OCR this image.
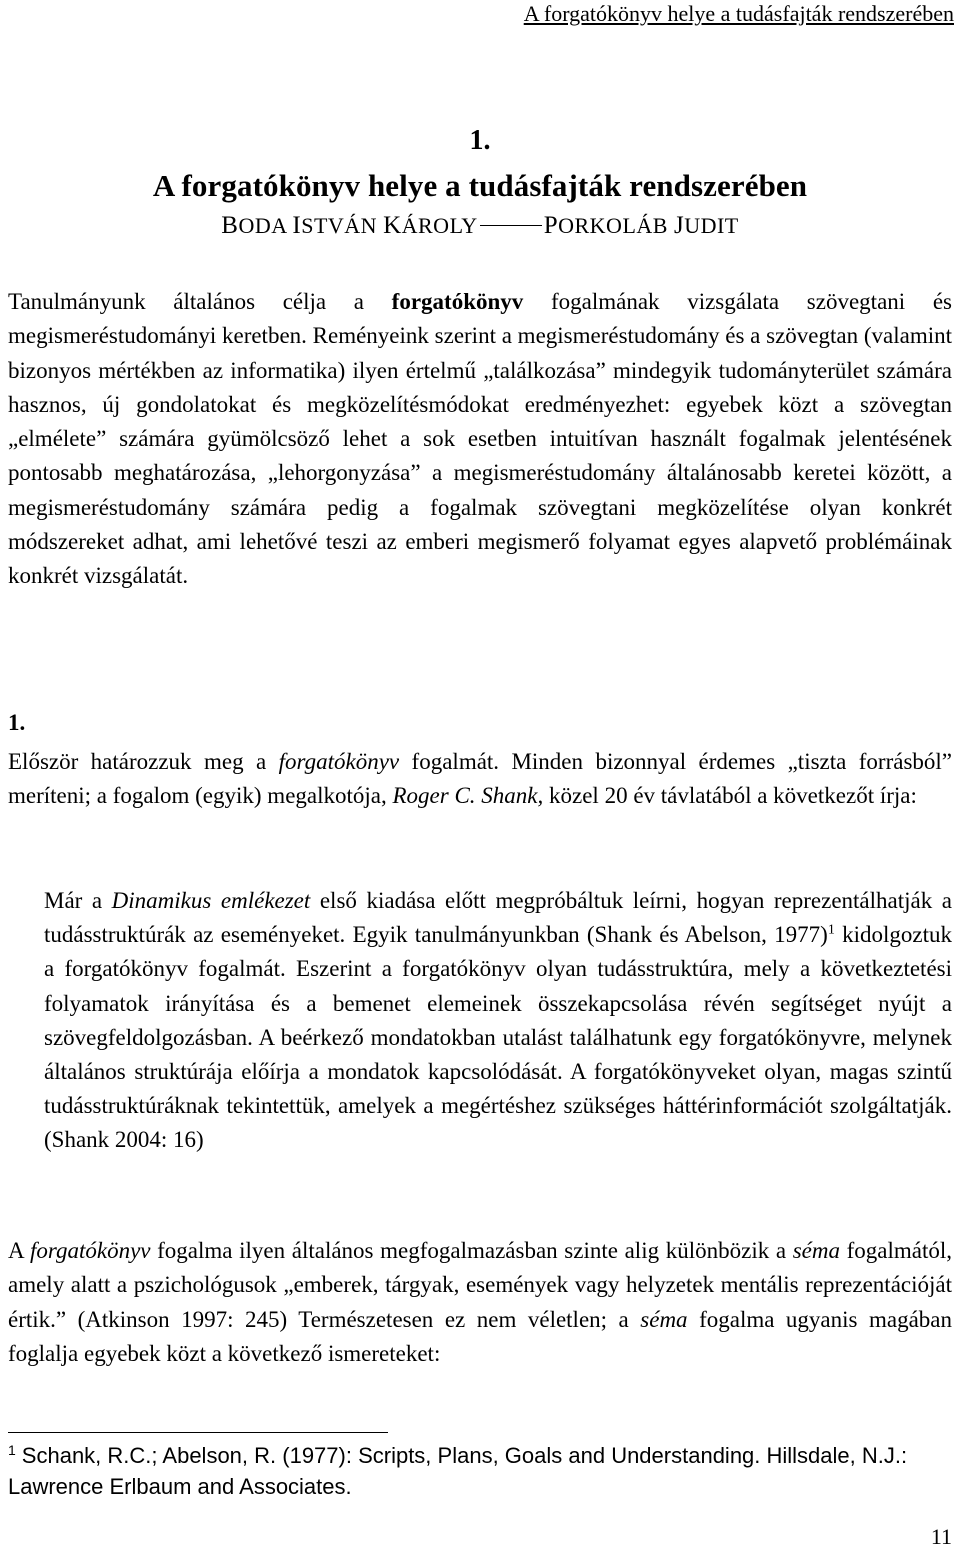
A forgatókönyv helye a tudásfajták rendszerében
1.
A forgatókönyv helye a tudásfajták rendszerében
BODA ISTVÁN KÁROLY	PORKOLÁB JUDIT

Tanulmányunk általános célja a forgatókönyv fogalmának vizsgálata szövegtani és megismeréstudományi keretben. Reményeink szerint a megismeréstudomány és a szövegtan (valamint bizonyos mértékben az informatika) ilyen értelmű „találkozása” mindegyik tudományterület számára hasznos, új gondolatokat és megközelítésmódokat eredményezhet: egyebek közt a szövegtan „elmélete” számára gyümölcsöző lehet a sok esetben intuitívan használt fogalmak jelentésének pontosabb meghatározása, „lehorgonyzása” a megismeréstudomány általánosabb keretei között, a megismeréstudomány számára pedig a fogalmak szövegtani megközelítése olyan konkrét módszereket adhat, ami lehetővé teszi az emberi megismerő folyamat egyes alapvető problémáinak konkrét vizsgálatát.

1.

Először határozzuk meg a forgatókönyv fogalmát. Minden bizonnyal érdemes „tiszta forrásból” meríteni; a fogalom (egyik) megalkotója, Roger C. Shank, közel 20 év távlatából a következőt írja:

Már a Dinamikus emlékezet első kiadása előtt megpróbáltuk leírni, hogyan reprezentálhatják a tudásstruktúrák az eseményeket. Egyik tanulmányunkban (Shank és Abelson, 1977)$^1$ kidolgoztuk a forgatókönyv fogalmát. Eszerint a forgatókönyv olyan tudásstruktúra, mely a következtetési folyamatok irányítása és a bemenet elemeinek összekapcsolása révén segítséget nyújt a szövegfeldolgozásban. A beérkező mondatokban utalást találhatunk egy forgatókönyvre, melynek általános struktúrája előírja a mondatok kapcsolódását. A forgatókönyveket olyan, magas szintű tudásstruktúráknak tekintettük, amelyek a megértéshez szükséges háttérinformációt szolgáltatják. (Shank 2004: 16)

A forgatókönyv fogalma ilyen általános megfogalmazásban szinte alig különbözik a séma fogalmától, amely alatt a pszichológusok „emberek, tárgyak, események vagy helyzetek mentális reprezentációját értik.” (Atkinson 1997: 245) Természetesen ez nem véletlen; a séma fogalma ugyanis magában foglalja egyebek közt a következő ismereteket:

$^1$ Schank, R.C.; Abelson, R. (1977): Scripts, Plans, Goals and Understanding. Hillsdale, N.J.: Lawrence Erlbaum and Associates.

11
